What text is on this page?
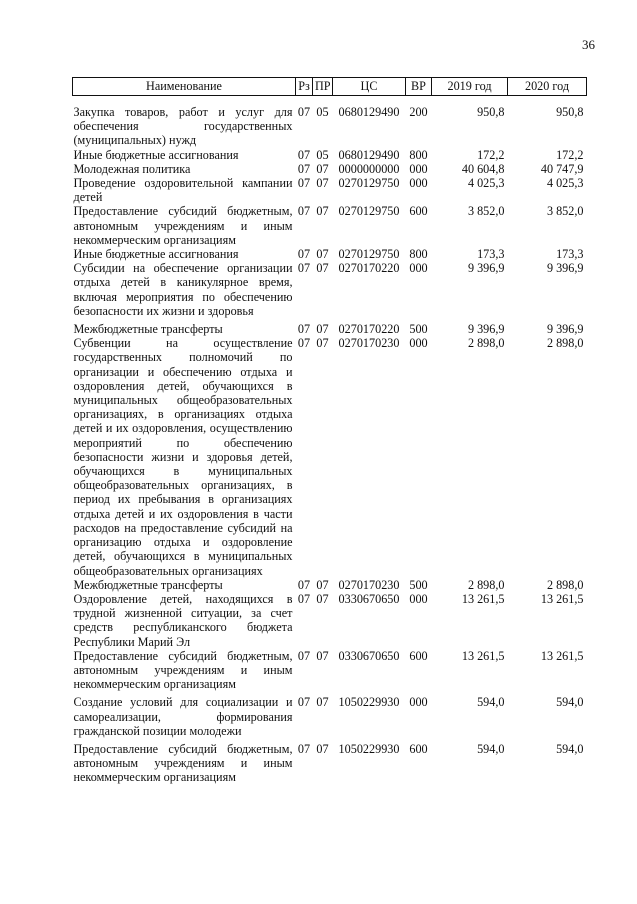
36
Наименование	Рз	ПР	ЦС	ВР	2019 год	2020 год
Закупка товаров, работ и услуг для обеспечения государственных (муниципальных) нужд	07	05	0680129490	200	950,8	950,8
Иные бюджетные ассигнования	07	05	0680129490	800	172,2	172,2
Молодежная политика	07	07	0000000000	000	40 604,8	40 747,9
Проведение оздоровительной кампании детей	07	07	0270129750	000	4 025,3	4 025,3
Предоставление субсидий бюджетным, автономным учреждениям и иным некоммерческим организациям	07	07	0270129750	600	3 852,0	3 852,0
Иные бюджетные ассигнования	07	07	0270129750	800	173,3	173,3
Субсидии на обеспечение организации отдыха детей в каникулярное время, включая мероприятия по обеспечению безопасности их жизни и здоровья	07	07	0270170220	000	9 396,9	9 396,9
Межбюджетные трансферты	07	07	0270170220	500	9 396,9	9 396,9
Субвенции на осуществление государственных полномочий по организации и обеспечению отдыха и оздоровления детей, обучающихся в муниципальных общеобразовательных организациях, в организациях отдыха детей и их оздоровления, осуществлению мероприятий по обеспечению безопасности жизни и здоровья детей, обучающихся в муниципальных общеобразовательных организациях, в период их пребывания в организациях отдыха детей и их оздоровления в части расходов на предоставление субсидий на организацию отдыха и оздоровление детей, обучающихся в муниципальных общеобразовательных организациях	07	07	0270170230	000	2 898,0	2 898,0
Межбюджетные трансферты	07	07	0270170230	500	2 898,0	2 898,0
Оздоровление детей, находящихся в трудной жизненной ситуации, за счет средств республиканского бюджета Республики Марий Эл	07	07	0330670650	000	13 261,5	13 261,5
Предоставление субсидий бюджетным, автономным учреждениям и иным некоммерческим организациям	07	07	0330670650	600	13 261,5	13 261,5
Создание условий для социализации и самореализации, формирования гражданской позиции молодежи	07	07	1050229930	000	594,0	594,0
Предоставление субсидий бюджетным, автономным учреждениям и иным некоммерческим организациям	07	07	1050229930	600	594,0	594,0
